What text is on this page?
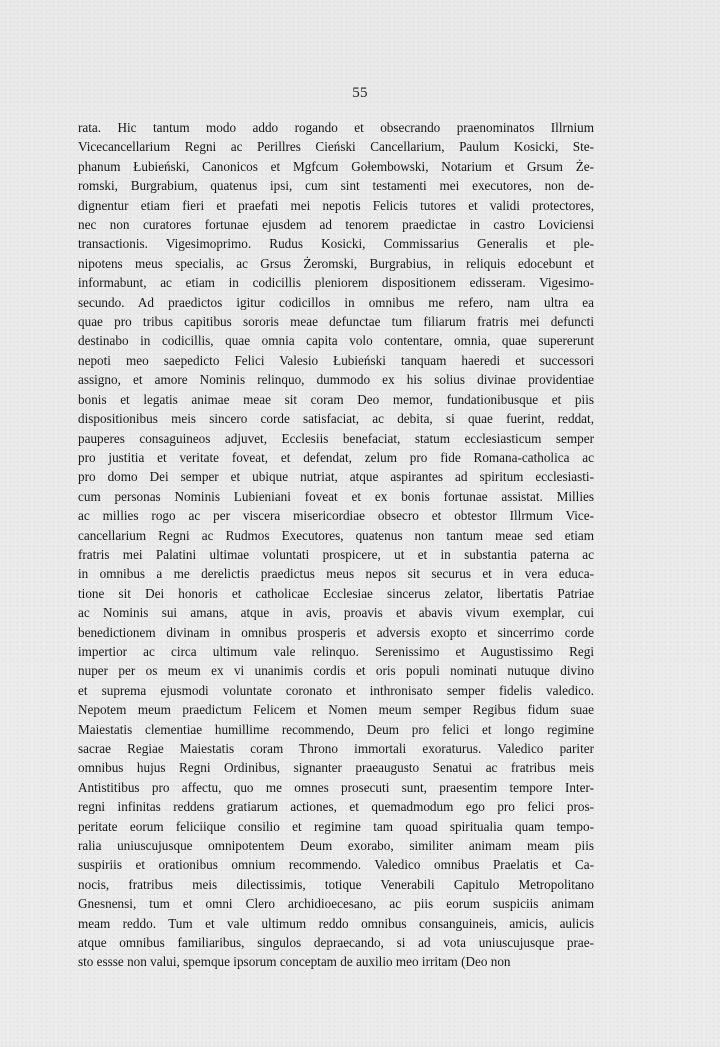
55
rata. Hic tantum modo addo rogando et obsecrando praenominatos Illrnium
Vicecancellarium Regni ac Perillres Cieński Cancellarium, Paulum Kosicki, Ste-
phanum Łubieński, Canonicos et Mgfcum Gołembowski, Notarium et Grsum Że-
romski, Burgrabium, quatenus ipsi, cum sint testamenti mei executores, non de-
dignentur etiam fieri et praefati mei nepotis Felicis tutores et validi protectores,
nec non curatores fortunae ejusdem ad tenorem praedictae in castro Loviciensi
transactionis. Vigesimoprimo. Rudus Kosicki, Commissarius Generalis et ple-
nipotens meus specialis, ac Grsus Żeromski, Burgrabius, in reliquis edocebunt et
informabunt, ac etiam in codicillis pleniorem dispositionem edisseram. Vigesimo-
secundo. Ad praedictos igitur codicillos in omnibus me refero, nam ultra ea
quae pro tribus capitibus sororis meae defunctae tum filiarum fratris mei defuncti
destinabo in codicillis, quae omnia capita volo contentare, omnia, quae supererunt
nepoti meo saepedicto Felici Valesio Łubieński tanquam haeredi et successori
assigno, et amore Nominis relinquo, dummodo ex his solius divinae providentiae
bonis et legatis animae meae sit coram Deo memor, fundationibusque et piis
dispositionibus meis sincero corde satisfaciat, ac debita, si quae fuerint, reddat,
pauperes consaguineos adjuvet, Ecclesiis benefaciat, statum ecclesiasticum semper
pro justitia et veritate foveat, et defendat, zelum pro fide Romana-catholica ac
pro domo Dei semper et ubique nutriat, atque aspirantes ad spiritum ecclesiasti-
cum personas Nominis Lubieniani foveat et ex bonis fortunae assistat. Millies
ac millies rogo ac per viscera misericordiae obsecro et obtestor Illrmum Vice-
cancellarium Regni ac Rudmos Executores, quatenus non tantum meae sed etiam
fratris mei Palatini ultimae voluntati prospicere, ut et in substantia paterna ac
in omnibus a me derelictis praedictus meus nepos sit securus et in vera educa-
tione sit Dei honoris et catholicae Ecclesiae sincerus zelator, libertatis Patriae
ac Nominis sui amans, atque in avis, proavis et abavis vivum exemplar, cui
benedictionem divinam in omnibus prosperis et adversis exopto et sincerrimo corde
impertior ac circa ultimum vale relinquo. Serenissimo et Augustissimo Regi
nuper per os meum ex vi unanimis cordis et oris populi nominati nutuque divino
et suprema ejusmodi voluntate coronato et inthronisato semper fidelis valedico.
Nepotem meum praedictum Felicem et Nomen meum semper Regibus fidum suae
Maiestatis clementiae humillime recommendo, Deum pro felici et longo regimine
sacrae Regiae Maiestatis coram Throno immortali exoraturus. Valedico pariter
omnibus hujus Regni Ordinibus, signanter praeaugusto Senatui ac fratribus meis
Antistitibus pro affectu, quo me omnes prosecuti sunt, praesentim tempore Inter-
regni infinitas reddens gratiarum actiones, et quemadmodum ego pro felici pros-
peritate eorum feliciique consilio et regimine tam quoad spiritualia quam tempo-
ralia uniuscujusque omnipotentem Deum exorabo, similiter animam meam piis
suspiriis et orationibus omnium recommendo. Valedico omnibus Praelatis et Ca-
nocis, fratribus meis dilectissimis, totique Venerabili Capitulo Metropolitano
Gnesnensi, tum et omni Clero archidioecesano, ac piis eorum suspiciis animam
meam reddo. Tum et vale ultimum reddo omnibus consanguineis, amicis, aulicis
atque omnibus familiaribus, singulos depraecando, si ad vota uniuscujusque prae-
sto essse non valui, spemque ipsorum conceptam de auxilio meo irritam (Deo non
